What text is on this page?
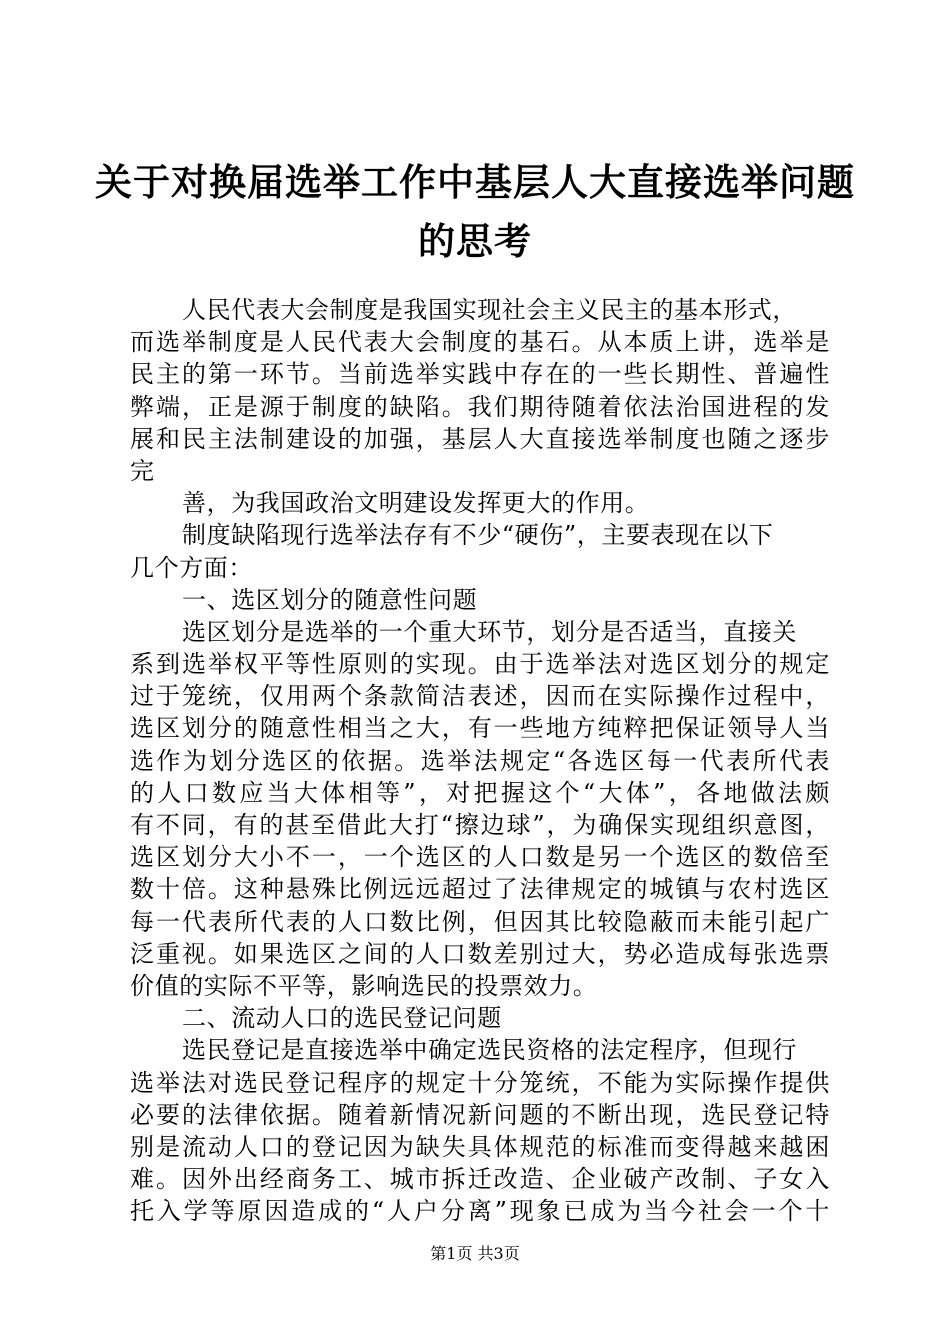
关于对换届选举工作中基层人大直接选举问题
的思考
人民代表大会制度是我国实现社会主义民主的基本形式，
而选举制度是人民代表大会制度的基石。从本质上讲，选举是
民主的第一环节。当前选举实践中存在的一些长期性、普遍性
弊端，正是源于制度的缺陷。我们期待随着依法治国进程的发
展和民主法制建设的加强，基层人大直接选举制度也随之逐步
完
善，为我国政治文明建设发挥更大的作用。
制度缺陷现行选举法存有不少“硬伤”，主要表现在以下
几个方面：
一、选区划分的随意性问题
选区划分是选举的一个重大环节，划分是否适当，直接关
系到选举权平等性原则的实现。由于选举法对选区划分的规定
过于笼统，仅用两个条款简洁表述，因而在实际操作过程中，
选区划分的随意性相当之大，有一些地方纯粹把保证领导人当
选作为划分选区的依据。选举法规定“各选区每一代表所代表
的人口数应当大体相等”，对把握这个“大体”，各地做法颇
有不同，有的甚至借此大打“擦边球”，为确保实现组织意图，
选区划分大小不一，一个选区的人口数是另一个选区的数倍至
数十倍。这种悬殊比例远远超过了法律规定的城镇与农村选区
每一代表所代表的人口数比例，但因其比较隐蔽而未能引起广
泛重视。如果选区之间的人口数差别过大，势必造成每张选票
价值的实际不平等，影响选民的投票效力。
二、流动人口的选民登记问题
选民登记是直接选举中确定选民资格的法定程序，但现行
选举法对选民登记程序的规定十分笼统，不能为实际操作提供
必要的法律依据。随着新情况新问题的不断出现，选民登记特
别是流动人口的登记因为缺失具体规范的标准而变得越来越困
难。因外出经商务工、城市拆迁改造、企业破产改制、子女入
托入学等原因造成的“人户分离”现象已成为当今社会一个十
第1页 共3页
